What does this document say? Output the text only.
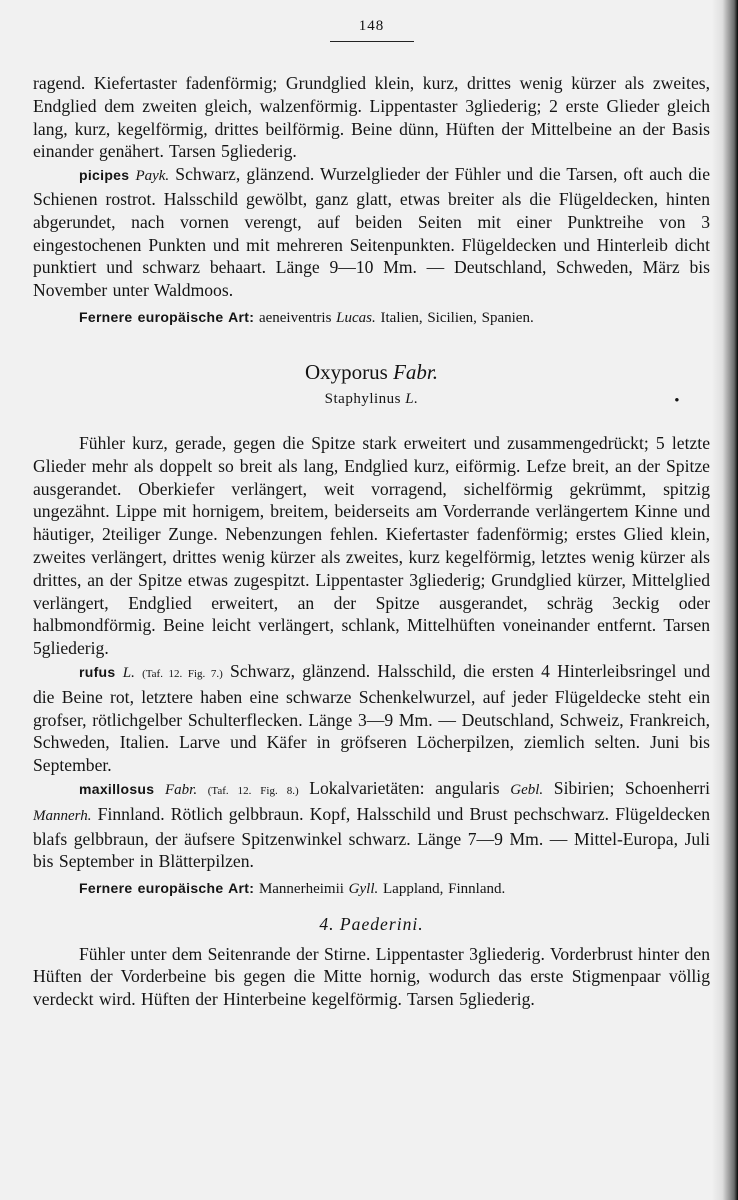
148

ragend. Kiefertaster fadenförmig; Grundglied klein, kurz, drittes wenig kürzer als zweites, Endglied dem zweiten gleich, walzenförmig. Lippentaster 3gliederig; 2 erste Glieder gleich lang, kurz, kegelförmig, drittes beilförmig. Beine dünn, Hüften der Mittelbeine an der Basis einander genähert. Tarsen 5gliederig.

picipes Payk. Schwarz, glänzend. Wurzelglieder der Fühler und die Tarsen, oft auch die Schienen rostrot. Halsschild gewölbt, ganz glatt, etwas breiter als die Flügeldecken, hinten abgerundet, nach vornen verengt, auf beiden Seiten mit einer Punktreihe von 3 eingestochenen Punkten und mit mehreren Seitenpunkten. Flügeldecken und Hinterleib dicht punktiert und schwarz behaart. Länge 9—10 Mm. — Deutschland, Schweden, März bis November unter Waldmoos.

Fernere europäische Art: aeneiventris Lucas. Italien, Sicilien, Spanien.

Oxyporus Fabr.
Staphylinus L.	•

Fühler kurz, gerade, gegen die Spitze stark erweitert und zusammengedrückt; 5 letzte Glieder mehr als doppelt so breit als lang, Endglied kurz, eiförmig. Lefze breit, an der Spitze ausgerandet. Oberkiefer verlängert, weit vorragend, sichelförmig gekrümmt, spitzig ungezähnt. Lippe mit hornigem, breitem, beiderseits am Vorderrande verlängertem Kinne und häutiger, 2teiliger Zunge. Nebenzungen fehlen. Kiefertaster fadenförmig; erstes Glied klein, zweites verlängert, drittes wenig kürzer als zweites, kurz kegelförmig, letztes wenig kürzer als drittes, an der Spitze etwas zugespitzt. Lippentaster 3gliederig; Grundglied kürzer, Mittelglied verlängert, Endglied erweitert, an der Spitze ausgerandet, schräg 3eckig oder halbmondförmig. Beine leicht verlängert, schlank, Mittelhüften voneinander entfernt. Tarsen 5gliederig.

rufus L. (Taf. 12. Fig. 7.) Schwarz, glänzend. Halsschild, die ersten 4 Hinterleibsringel und die Beine rot, letztere haben eine schwarze Schenkelwurzel, auf jeder Flügeldecke steht ein grofser, rötlichgelber Schulterflecken. Länge 3—9 Mm. — Deutschland, Schweiz, Frankreich, Schweden, Italien. Larve und Käfer in gröfseren Löcherpilzen, ziemlich selten. Juni bis September.

maxillosus Fabr. (Taf. 12. Fig. 8.) Lokalvarietäten: angularis Gebl. Sibirien; Schoenherri Mannerh. Finnland. Rötlich gelbbraun. Kopf, Halsschild und Brust pechschwarz. Flügeldecken blafs gelbbraun, der äufsere Spitzenwinkel schwarz. Länge 7—9 Mm. — Mittel-Europa, Juli bis September in Blätterpilzen.

Fernere europäische Art: Mannerheimii Gyll. Lappland, Finnland.

4. Paederini.

Fühler unter dem Seitenrande der Stirne. Lippentaster 3gliederig. Vorderbrust hinter den Hüften der Vorderbeine bis gegen die Mitte hornig, wodurch das erste Stigmenpaar völlig verdeckt wird. Hüften der Hinterbeine kegelförmig. Tarsen 5gliederig.
